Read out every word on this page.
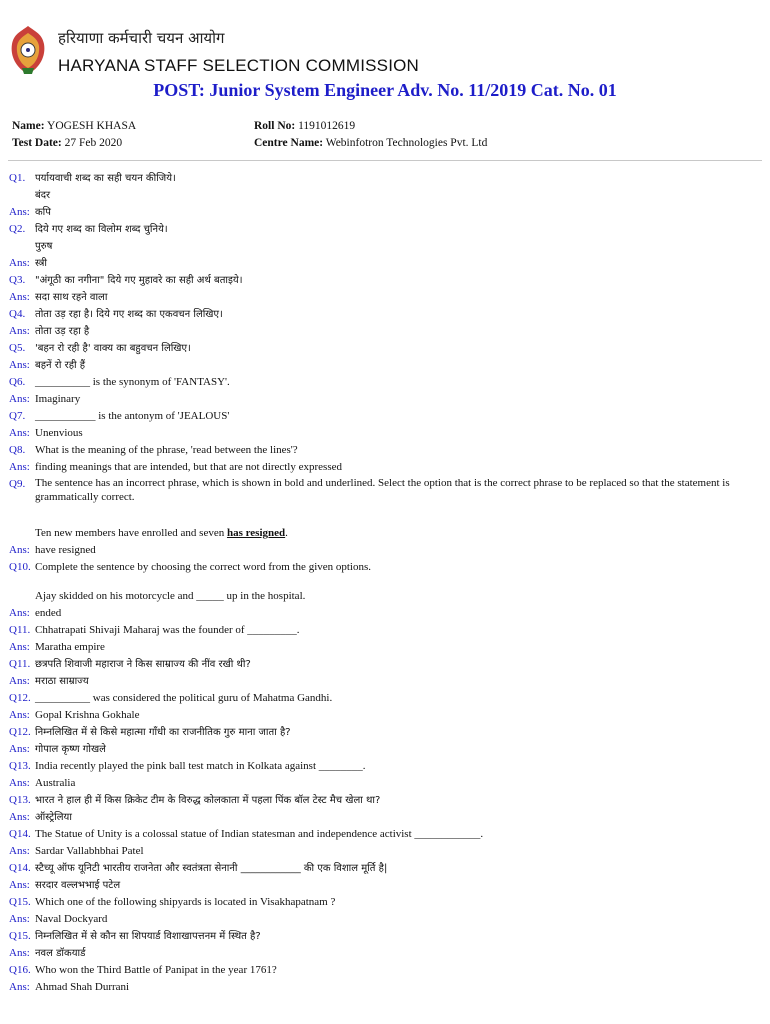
हरियाणा कर्मचारी चयन आयोग
HARYANA STAFF SELECTION COMMISSION
POST: Junior System Engineer Adv. No. 11/2019 Cat. No. 01
Name: YOGESH KHASA
Test Date: 27 Feb 2020
Roll No: 1191012619
Centre Name: Webinfotron Technologies Pvt. Ltd
Q1. पर्यायवाची शब्द का सही चयन कीजिये।
बंदर
Ans: कपि
Q2. दिये गए शब्द का विलोम शब्द चुनिये।
पुरुष
Ans: स्त्री
Q3. "अंगूठी का नगीना" दिये गए मुहावरे का सही अर्थ बताइये।
Ans: सदा साथ रहने वाला
Q4. तोता उड़ रहा है। दिये गए शब्द का एकवचन लिखिए।
Ans: तोता उड़ रहा है
Q5. 'बहन रो रही है' वाक्य का बहुवचन लिखिए।
Ans: बहनें रो रही हैं
Q6. __________ is the synonym of 'FANTASY'.
Ans: Imaginary
Q7. ___________ is the antonym of 'JEALOUS'
Ans: Unenvious
Q8. What is the meaning of the phrase, 'read between the lines'?
Ans: finding meanings that are intended, but that are not directly expressed
Q9. The sentence has an incorrect phrase, which is shown in bold and underlined. Select the option that is the correct phrase to be replaced so that the statement is grammatically correct.
Ten new members have enrolled and seven has resigned.
Ans: have resigned
Q10. Complete the sentence by choosing the correct word from the given options.
Ajay skidded on his motorcycle and _____ up in the hospital.
Ans: ended
Q11. Chhatrapati Shivaji Maharaj was the founder of _________.
Ans: Maratha empire
Q11. छत्रपति शिवाजी महाराज ने किस साम्राज्य की नींव रखी थी?
Ans: मराठा साम्राज्य
Q12. __________ was considered the political guru of Mahatma Gandhi.
Ans: Gopal Krishna Gokhale
Q12. निम्नलिखित में से किसे महात्मा गाँधी का राजनीतिक गुरु माना जाता है?
Ans: गोपाल कृष्ण गोखले
Q13. India recently played the pink ball test match in Kolkata against ________.
Ans: Australia
Q13. भारत ने हाल ही में किस क्रिकेट टीम के विरुद्ध कोलकाता में पहला पिंक बॉल टेस्ट मैच खेला था?
Ans: ऑस्ट्रेलिया
Q14. The Statue of Unity is a colossal statue of Indian statesman and independence activist ____________.
Ans: Sardar Vallabhbhai Patel
Q14. स्टैच्यू ऑफ यूनिटी भारतीय राजनेता और स्वतंत्रता सेनानी ____________ की एक विशाल मूर्ति है|
Ans: सरदार वल्लभभाई पटेल
Q15. Which one of the following shipyards is located in Visakhapatnam ?
Ans: Naval Dockyard
Q15. निम्नलिखित में से कौन सा शिपयार्ड विशाखापत्तनम में स्थित है?
Ans: नवल डॉकयार्ड
Q16. Who won the Third Battle of Panipat in the year 1761?
Ans: Ahmad Shah Durrani
